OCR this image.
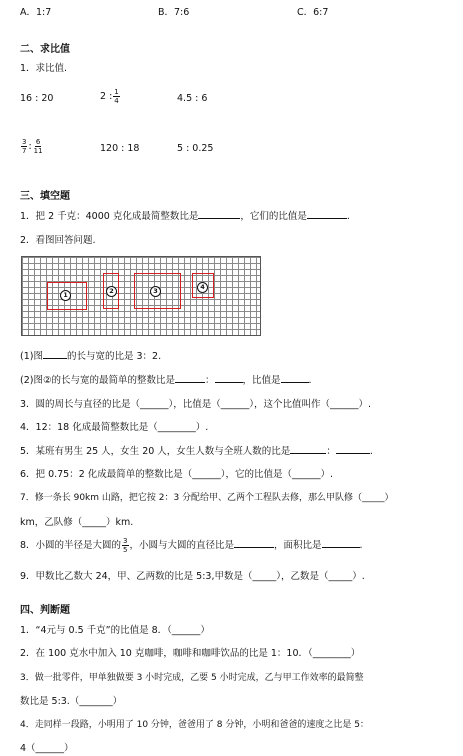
A．1:7	B．7:6	C．6:7
二、求比值
1．求比值.
16 : 20	2 : $\frac{1}{4}$	4.5 : 6
$\frac{3}{7}$ : $\frac{6}{11}$	120 : 18	5 : 0.25
三、填空题
1．把 2 千克：4000 克化成最简整数比是	，它们的比值是	.
2．看图回答问题.
1	2	3	4
(1)图	的长与宽的比是 3：2.
(2)图②的长与宽的最简单的整数比是	：	，比值是	.
3．圆的周长与直径的比是（______），比值是（______），这个比值叫作（______）.
4．12：18 化成最简整数比是（________）.
5．某班有男生 25 人，女生 20 人，女生人数与全班人数的比是	：	.
6．把 0.75：2 化成最简单的整数比是（______），它的比值是（______）.
7．修一条长 90km 山路，把它按 2：3 分配给甲、乙两个工程队去修，那么甲队修（_____）
km，乙队修（_____）km.
8．小圆的半径是大圆的 $\frac{3}{5}$ ，小圆与大圆的直径比是	，面积比是	.
9．甲数比乙数大 24，甲、乙两数的比是 5:3,甲数是（_____），乙数是（_____）.
四、判断题
1．“4元与 0.5 千克”的比值是 8．（______）
2．在 100 克水中加入 10 克咖啡，咖啡和咖啡饮品的比是 1：10．（________）
3．做一批零件，甲单独做要 3 小时完成，乙要 5 小时完成，乙与甲工作效率的最简整
数比是 5:3.（_______）
4．走同样一段路，小明用了 10 分钟，爸爸用了 8 分钟，小明和爸爸的速度之比是 5：
4（______）
